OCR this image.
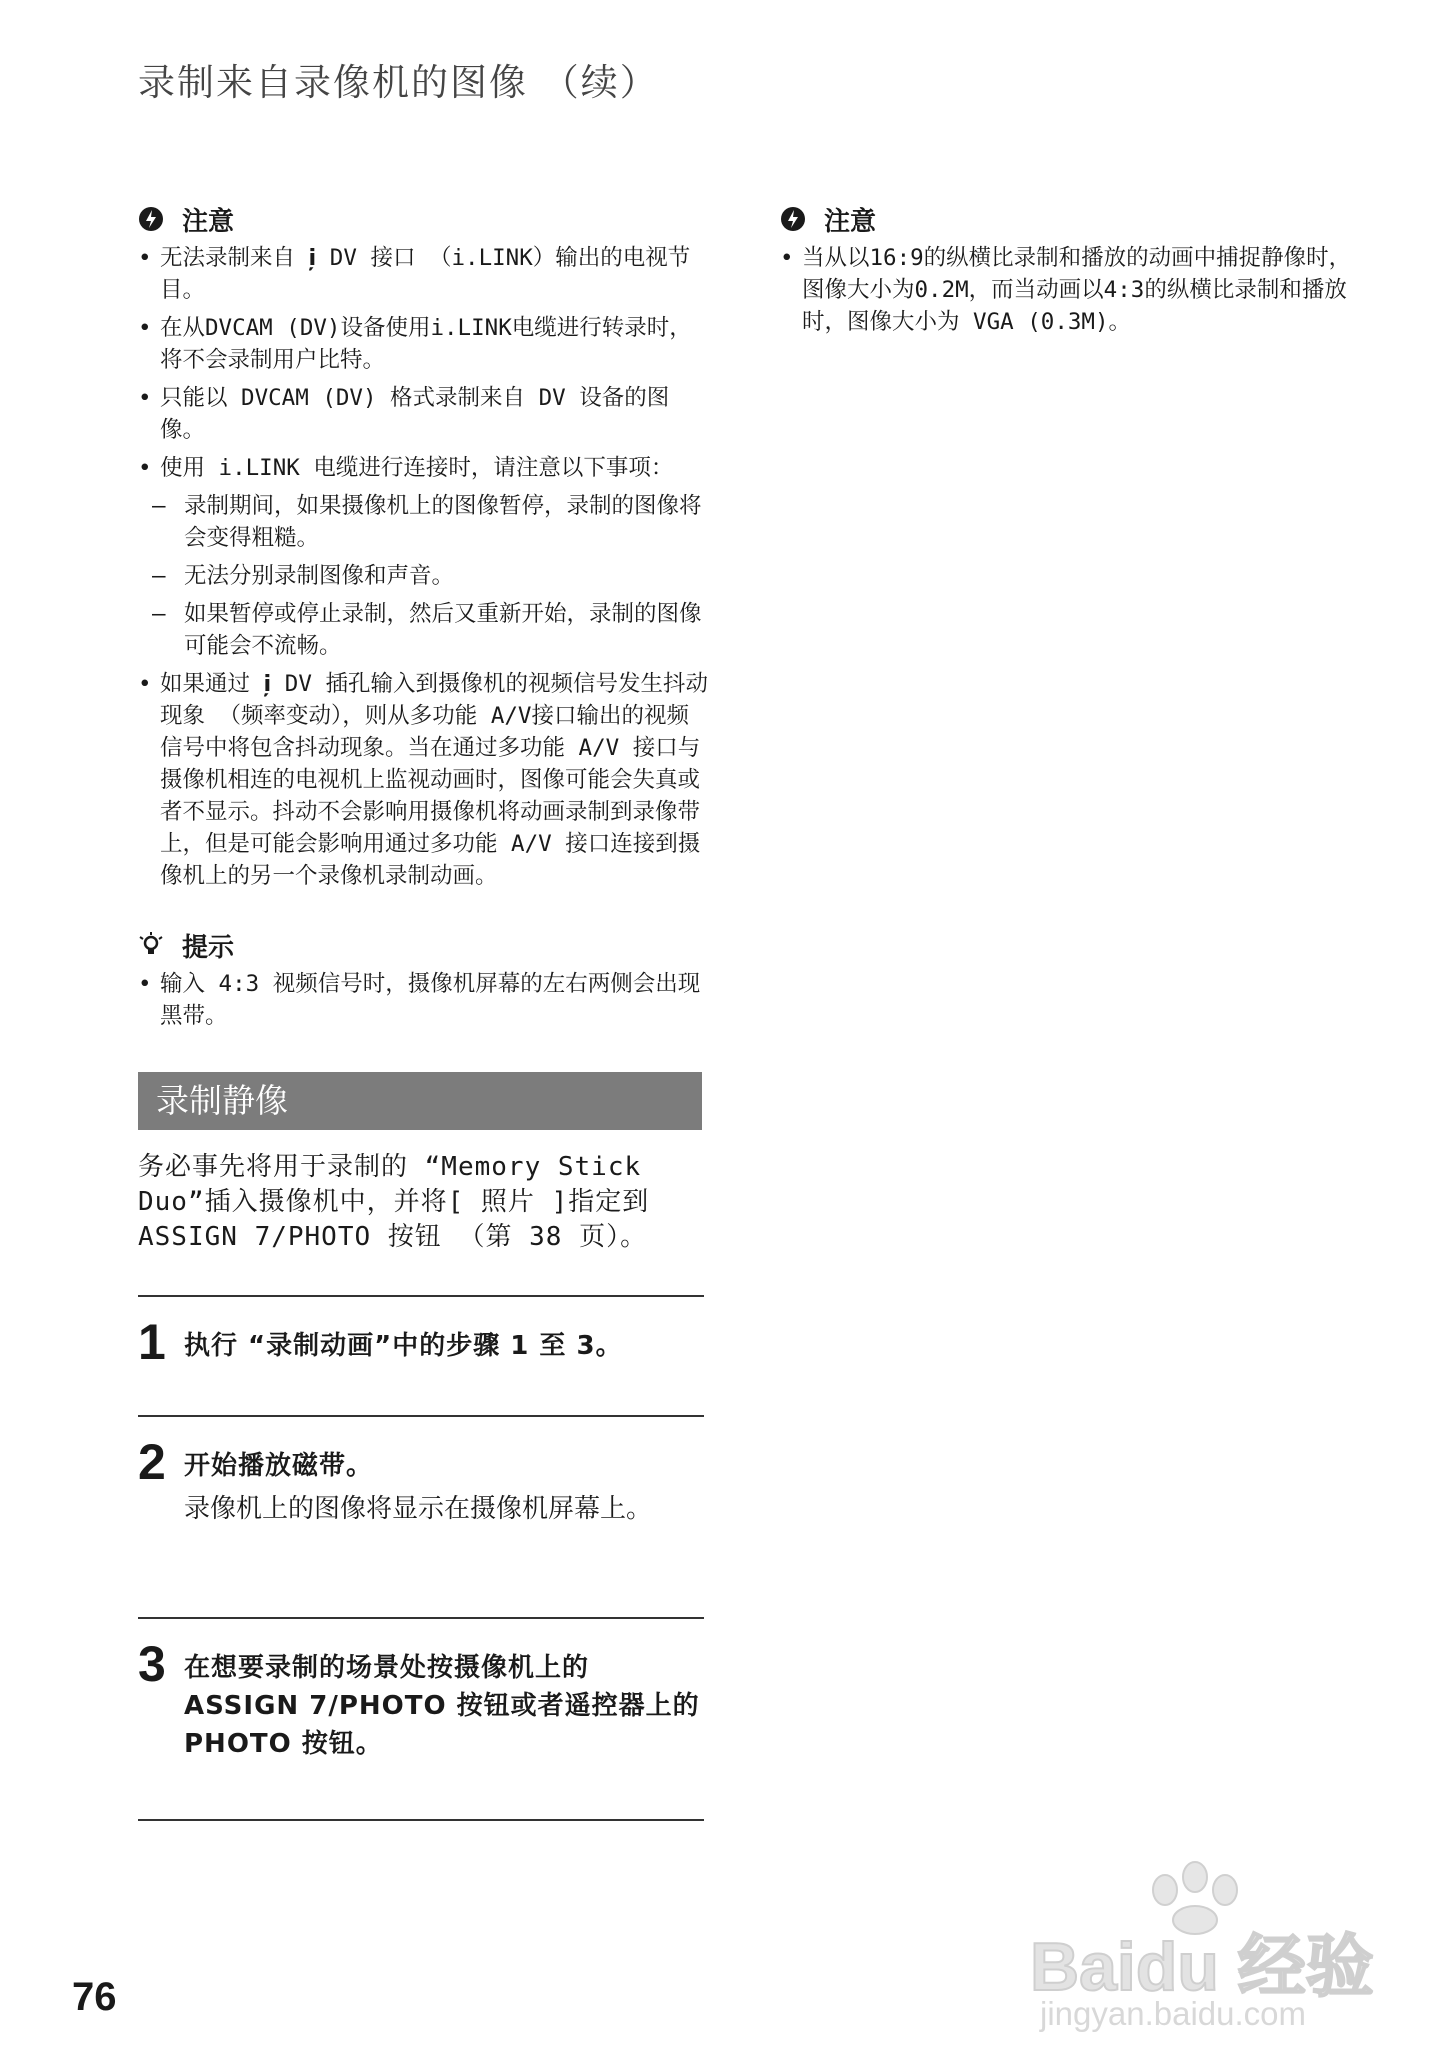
录制来自录像机的图像 （续）
注意
• 无法录制来自 ⅰ̦ DV 接口 （i.LINK）输出的电视节目。
• 在从DVCAM (DV)设备使用i.LINK电缆进行转录时，将不会录制用户比特。
• 只能以 DVCAM (DV) 格式录制来自 DV 设备的图像。
• 使用 i.LINK 电缆进行连接时，请注意以下事项：
– 录制期间，如果摄像机上的图像暂停，录制的图像将会变得粗糙。
– 无法分别录制图像和声音。
– 如果暂停或停止录制，然后又重新开始，录制的图像可能会不流畅。
• 如果通过 ⅰ̦ DV 插孔输入到摄像机的视频信号发生抖动现象 （频率变动），则从多功能 A/V接口输出的视频信号中将包含抖动现象。当在通过多功能 A/V 接口与摄像机相连的电视机上监视动画时，图像可能会失真或者不显示。抖动不会影响用摄像机将动画录制到录像带上，但是可能会影响用通过多功能 A/V 接口连接到摄像机上的另一个录像机录制动画。
提示
• 输入 4:3 视频信号时，摄像机屏幕的左右两侧会出现黑带。
录制静像
务必事先将用于录制的 “Memory Stick Duo”插入摄像机中，并将[ 照片 ]指定到 ASSIGN 7/PHOTO 按钮 （第 38 页）。
1 执行 “录制动画”中的步骤 1 至 3。
2 开始播放磁带。
录像机上的图像将显示在摄像机屏幕上。
3 在想要录制的场景处按摄像机上的 ASSIGN 7/PHOTO 按钮或者遥控器上的 PHOTO 按钮。
注意
• 当从以16:9的纵横比录制和播放的动画中捕捉静像时，图像大小为0.2M，而当动画以4:3的纵横比录制和播放时，图像大小为 VGA (0.3M)。
76	Baidu 经验
jingyan.baidu.com
